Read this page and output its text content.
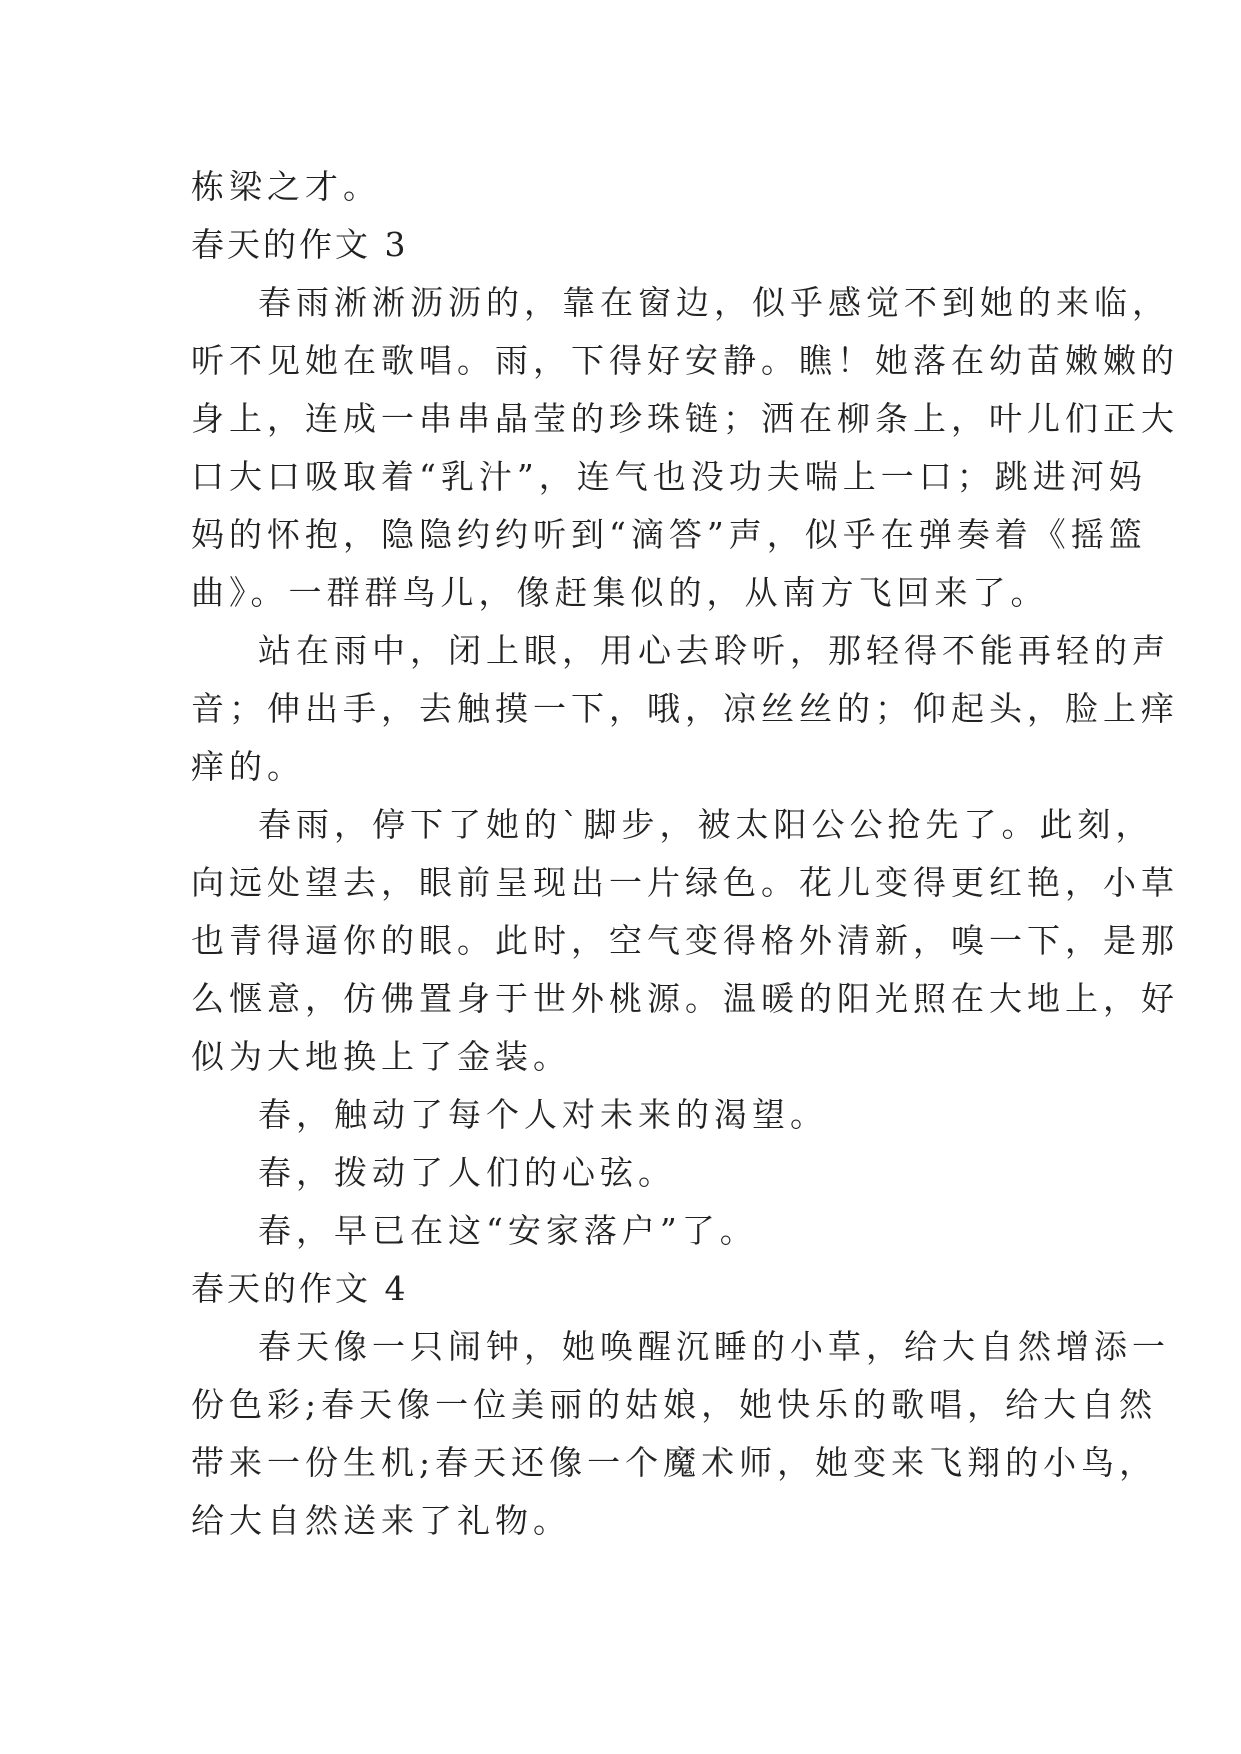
栋梁之才。

春天的作文 3

春雨淅淅沥沥的，靠在窗边，似乎感觉不到她的来临，

听不见她在歌唱。雨，下得好安静。瞧！她落在幼苗嫩嫩的

身上，连成一串串晶莹的珍珠链；洒在柳条上，叶儿们正大

口大口吸取着“乳汁”，连气也没功夫喘上一口；跳进河妈

妈的怀抱，隐隐约约听到“滴答”声，似乎在弹奏着《摇篮

曲》。一群群鸟儿，像赶集似的，从南方飞回来了。

站在雨中，闭上眼，用心去聆听，那轻得不能再轻的声

音；伸出手，去触摸一下，哦，凉丝丝的；仰起头，脸上痒

痒的。

春雨，停下了她的`脚步，被太阳公公抢先了。此刻，

向远处望去，眼前呈现出一片绿色。花儿变得更红艳，小草

也青得逼你的眼。此时，空气变得格外清新，嗅一下，是那

么惬意，仿佛置身于世外桃源。温暖的阳光照在大地上，好

似为大地换上了金装。

春，触动了每个人对未来的渴望。

春，拨动了人们的心弦。

春，早已在这“安家落户”了。

春天的作文 4

春天像一只闹钟，她唤醒沉睡的小草，给大自然增添一

份色彩;春天像一位美丽的姑娘，她快乐的歌唱，给大自然

带来一份生机;春天还像一个魔术师，她变来飞翔的小鸟，

给大自然送来了礼物。
